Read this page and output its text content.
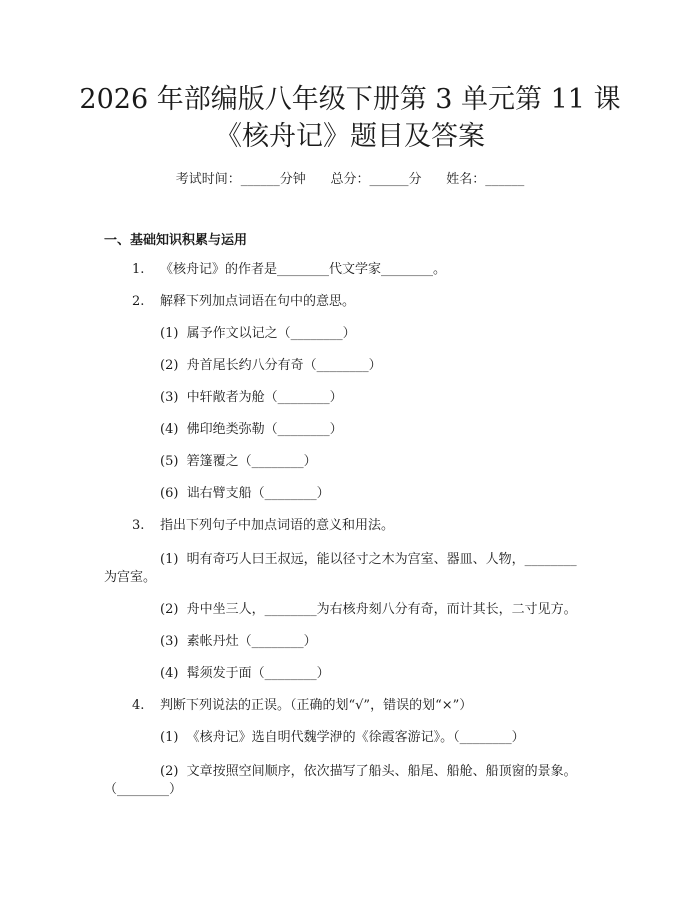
2026 年部编版八年级下册第 3 单元第 11 课
《核舟记》题目及答案
考试时间：______分钟      总分：______分      姓名：______
一、基础知识积累与运用
1. 《核舟记》的作者是________代文学家________。
2. 解释下列加点词语在句中的意思。
(1)  属予作文以记之（________）
(2)  舟首尾长约八分有奇（________）
(3)  中轩敞者为舱（________）
(4)  佛印绝类弥勒（________）
(5)  箬篷覆之（________）
(6)  诎右臂支船（________）
3. 指出下列句子中加点词语的意义和用法。
(1)  明有奇巧人曰王叔远，能以径寸之木为宫室、器皿、人物，________
为宫室。
(2)  舟中坐三人，________为右核舟刻八分有奇，而计其长，二寸见方。
(3)  素帐丹灶（________）
(4)  髯须发于面（________）
4. 判断下列说法的正误。（正确的划“√”，错误的划“×”）
(1)  《核舟记》选自明代魏学洢的《徐霞客游记》。（________）
(2)  文章按照空间顺序，依次描写了船头、船尾、船舱、船顶窗的景象。
（________）
